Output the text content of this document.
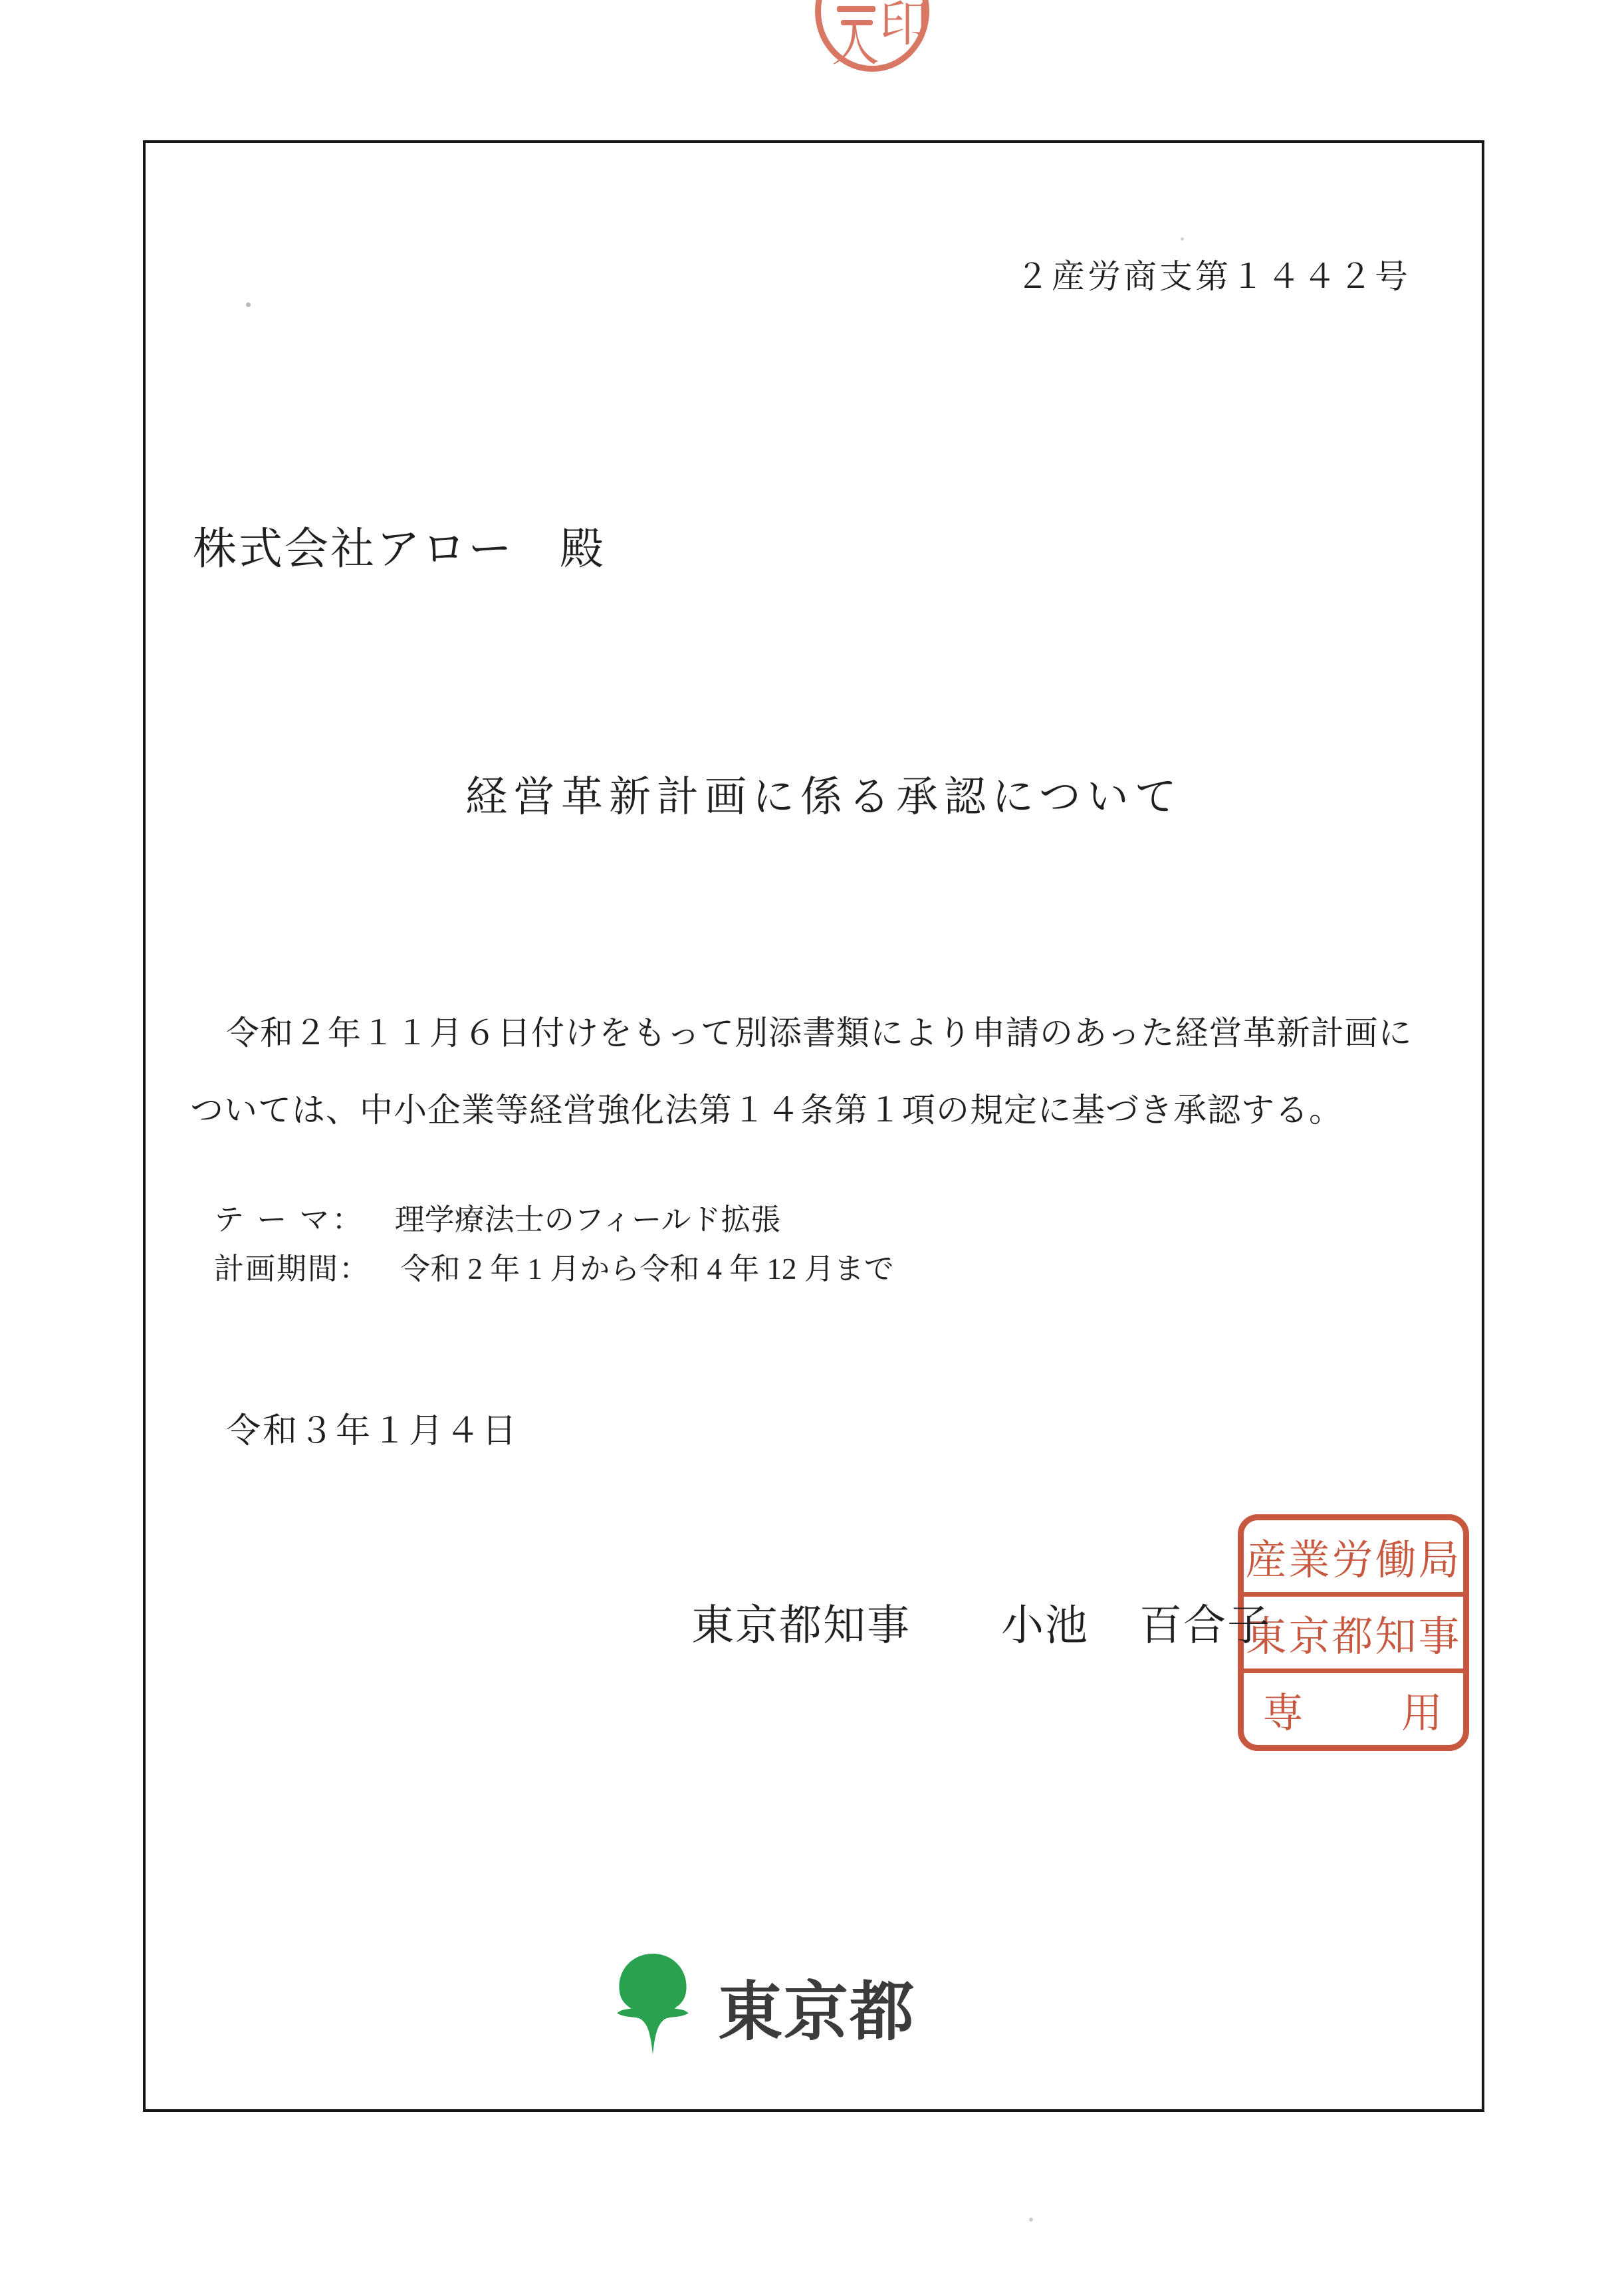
人 印
２産労商支第１４４２号
株式会社アロー　殿
経営革新計画に係る承認について
令和２年１１月６日付けをもって別添書類により申請のあった経営革新計画に
ついては、中小企業等経営強化法第１４条第１項の規定に基づき承認する。
テ ー マ： 理学療法士のフィールド拡張
計画期間： 令和 2 年 1 月から令和 4 年 12 月まで
令和３年１月４日
東京都知事 小池 百合子
産業労働局
東京都知事
専 用
東京都
